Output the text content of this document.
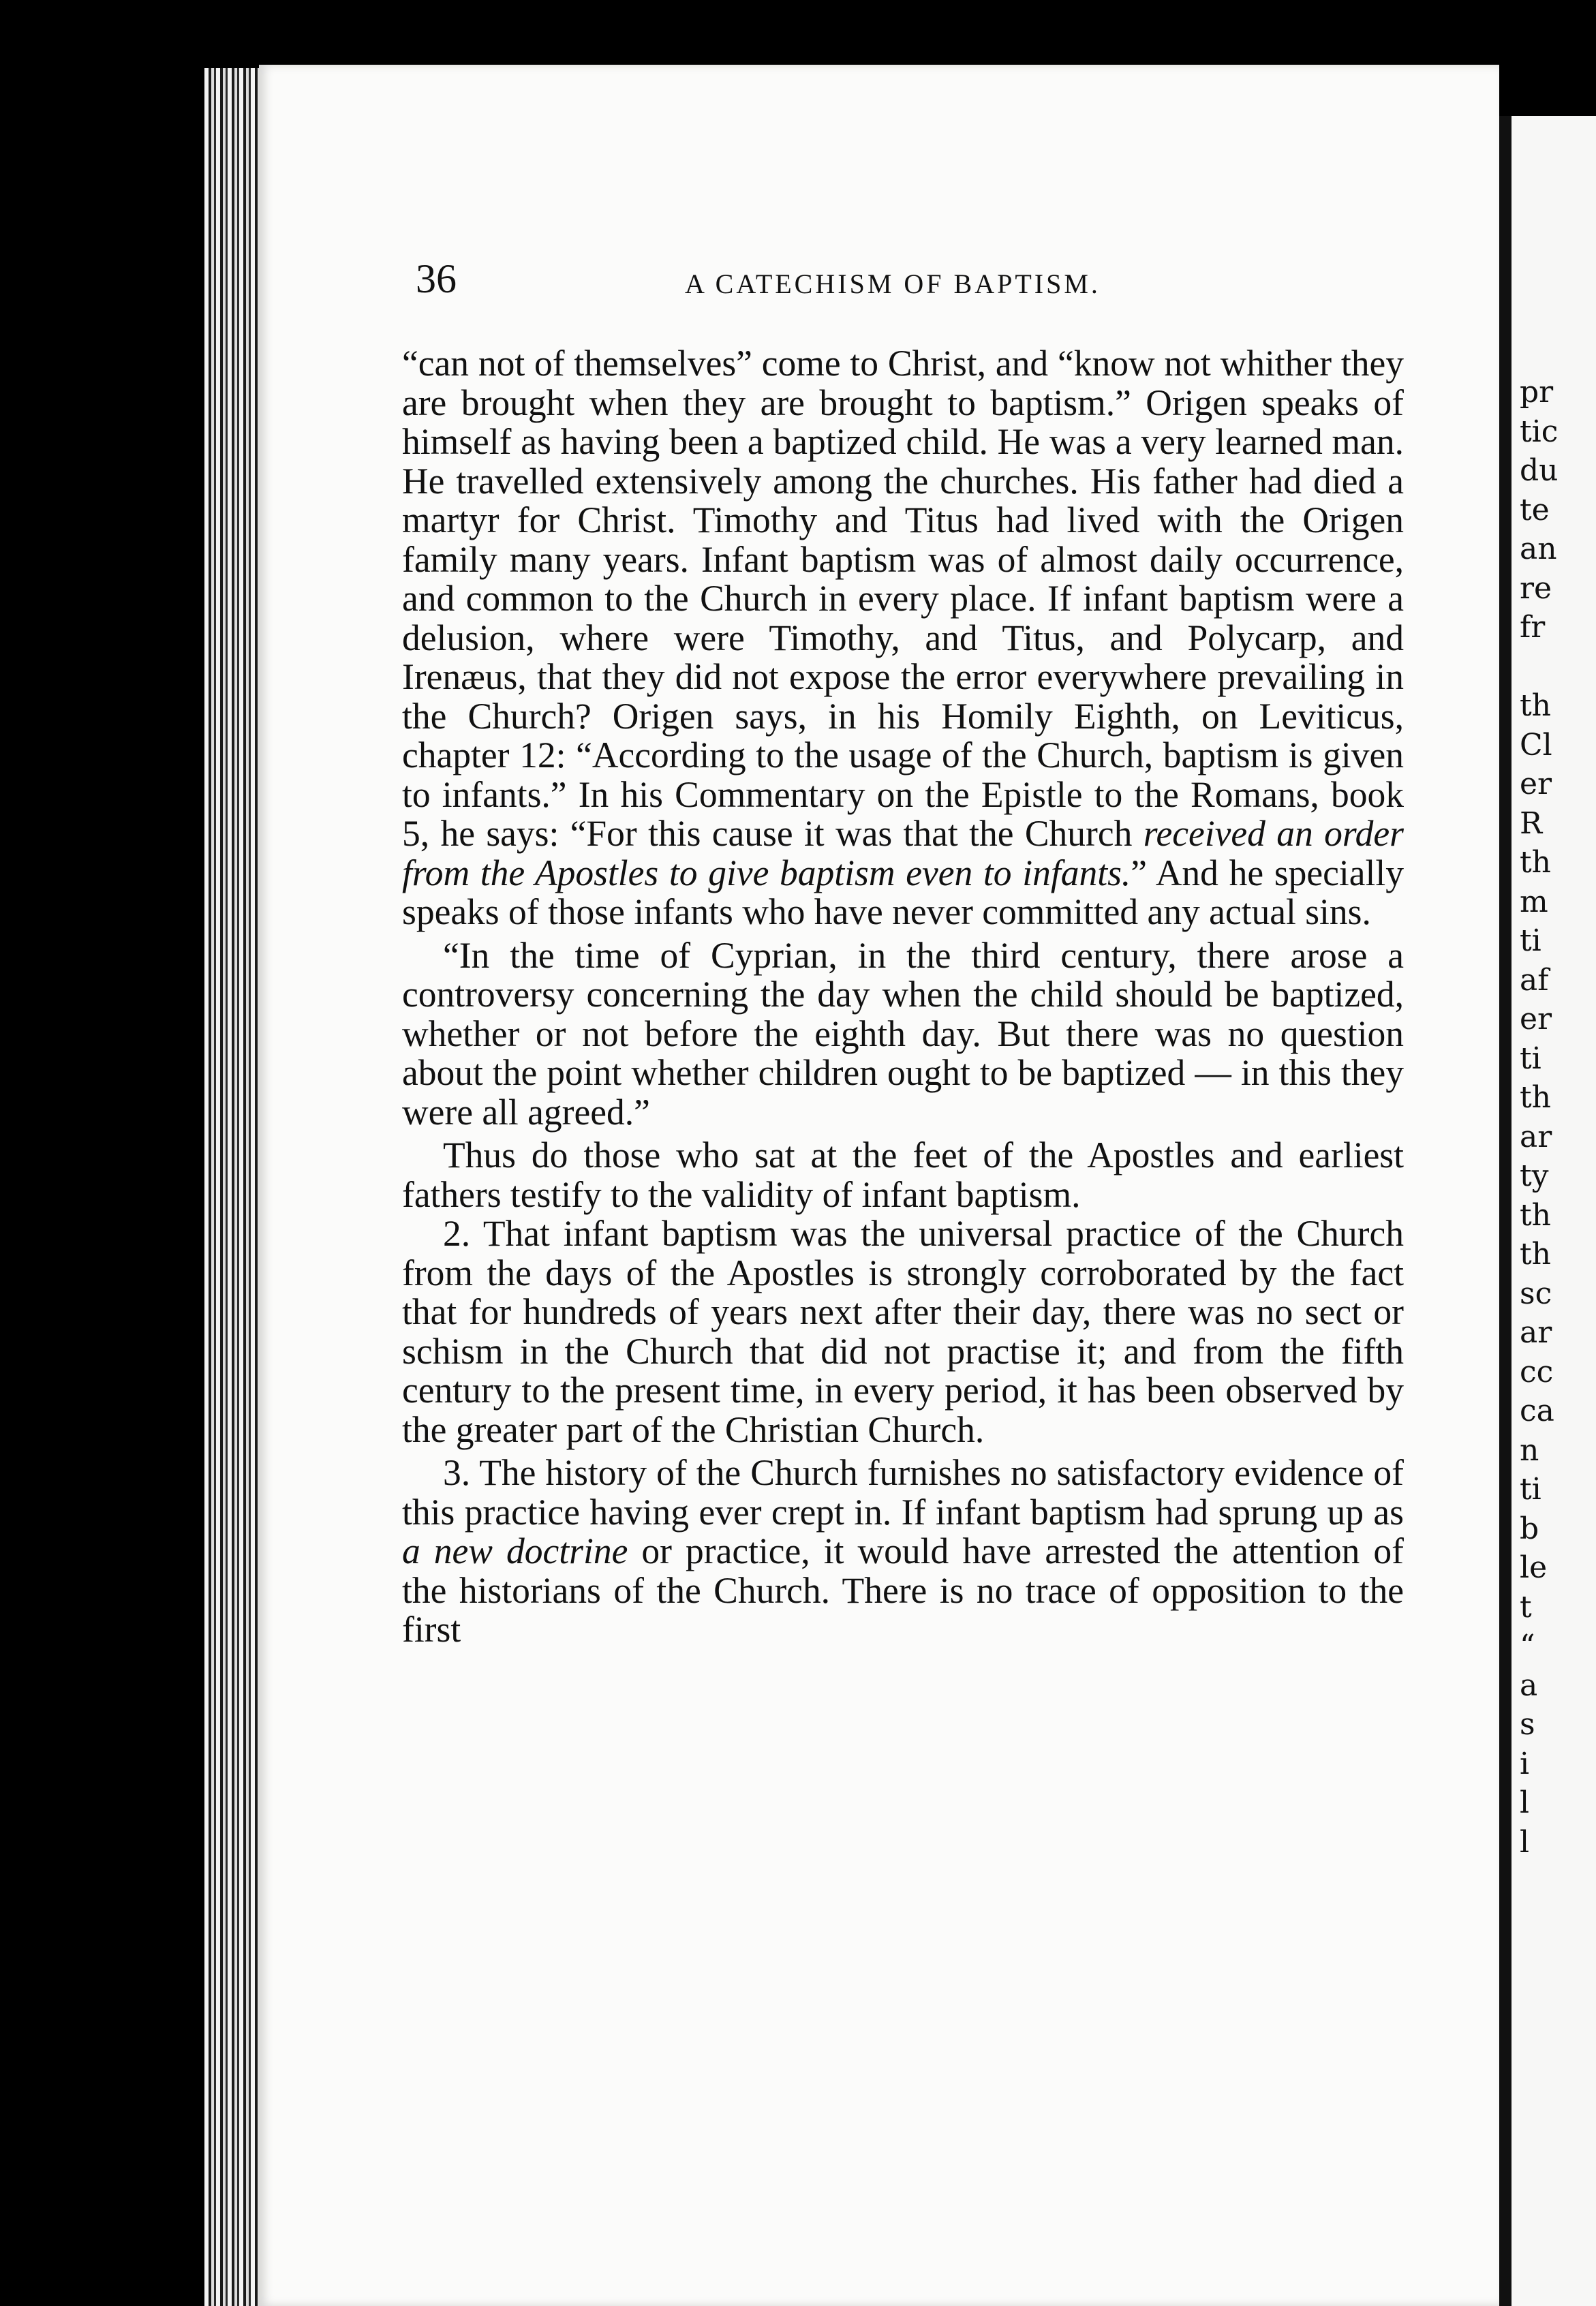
36	A CATECHISM OF BAPTISM.

“can not of themselves” come to Christ, and “know not whither they are brought when they are brought to baptism.” Origen speaks of himself as having been a baptized child. He was a very learned man. He travelled extensively among the churches. His father had died a martyr for Christ. Timothy and Titus had lived with the Origen family many years. Infant baptism was of almost daily occurrence, and common to the Church in every place. If infant baptism were a delusion, where were Timothy, and Titus, and Polycarp, and Irenæus, that they did not expose the error everywhere prevailing in the Church? Origen says, in his Homily Eighth, on Leviticus, chapter 12: “According to the usage of the Church, baptism is given to infants.” In his Commentary on the Epistle to the Romans, book 5, he says: “For this cause it was that the Church received an order from the Apostles to give baptism even to infants.” And he specially speaks of those infants who have never committed any actual sins.

“In the time of Cyprian, in the third century, there arose a controversy concerning the day when the child should be baptized, whether or not before the eighth day. But there was no question about the point whether children ought to be baptized — in this they were all agreed.”

Thus do those who sat at the feet of the Apostles and earliest fathers testify to the validity of infant baptism.

2. That infant baptism was the universal practice of the Church from the days of the Apostles is strongly corroborated by the fact that for hundreds of years next after their day, there was no sect or schism in the Church that did not practise it; and from the fifth century to the present time, in every period, it has been observed by the greater part of the Christian Church.

3. The history of the Church furnishes no satisfactory evidence of this practice having ever crept in. If infant baptism had sprung up as a new doctrine or practice, it would have arrested the attention of the historians of the Church. There is no trace of opposition to the first

pr
tic
du
te
an
re
fr
th
Cl
er
R
th
m
ti
af
er
ti
th
ar
ty
th
th
sc
ar
cc
ca
n
ti
b
le
t
“
a
s
i
l
l
